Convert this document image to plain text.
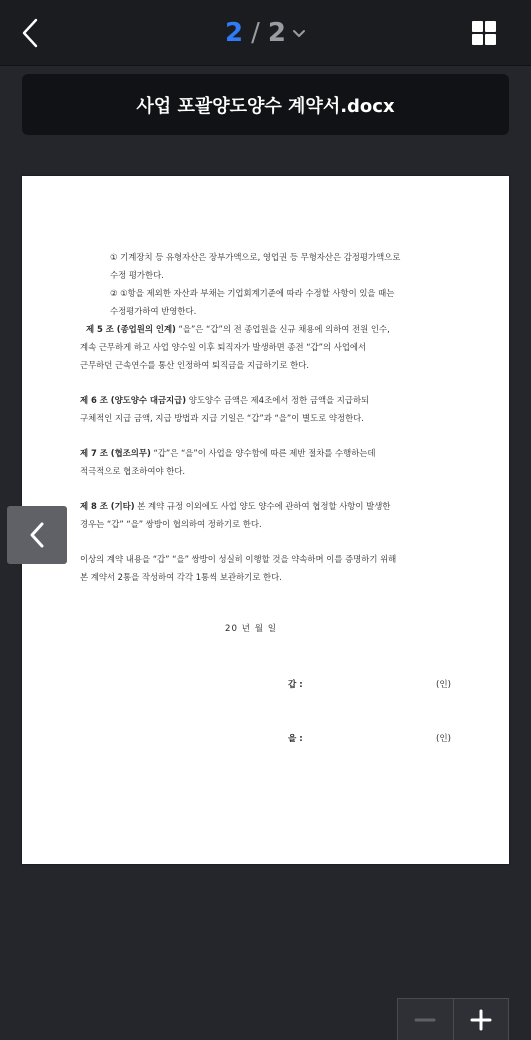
2 / 2
사업 포괄양도양수 계약서.docx
① 기계장치 등 유형자산은 장부가액으로, 영업권 등 무형자산은 감정평가액으로
수정 평가한다.
② ①항을 제외한 자산과 부채는 기업회계기준에 따라 수정할 사항이 있을 때는
수정평가하여 반영한다.
제 5 조 (종업원의 인계) “을”은 “갑”의 전 종업원을 신규 채용에 의하여 전원 인수,
계속 근무하게 하고 사업 양수일 이후 퇴직자가 발생하면 종전 “갑”의 사업에서
근무하던 근속연수를 통산 인정하여 퇴직금을 지급하기로 한다.
제 6 조 (양도양수 대금지급) 양도양수 금액은 제4조에서 정한 금액을 지급하되
구체적인 지급 금액, 지급 방법과 지급 기일은 “갑”과 “을”이 별도로 약정한다.
제 7 조 (협조의무) “갑”은 “을”이 사업을 양수함에 따른 제반 절차를 수행하는데
적극적으로 협조하여야 한다.
제 8 조 (기타) 본 계약 규정 이외에도 사업 양도 양수에 관하여 협정할 사항이 발생한
경우는 “갑” “을” 쌍방이 협의하여 정하기로 한다.
이상의 계약 내용을 “갑” “을” 쌍방이 성실히 이행할 것을 약속하며 이를 증명하기 위해
본 계약서 2통을 작성하여 각각 1통씩 보관하기로 한다.
20 년 월 일
갑 :	(인)
을 :	(인)
